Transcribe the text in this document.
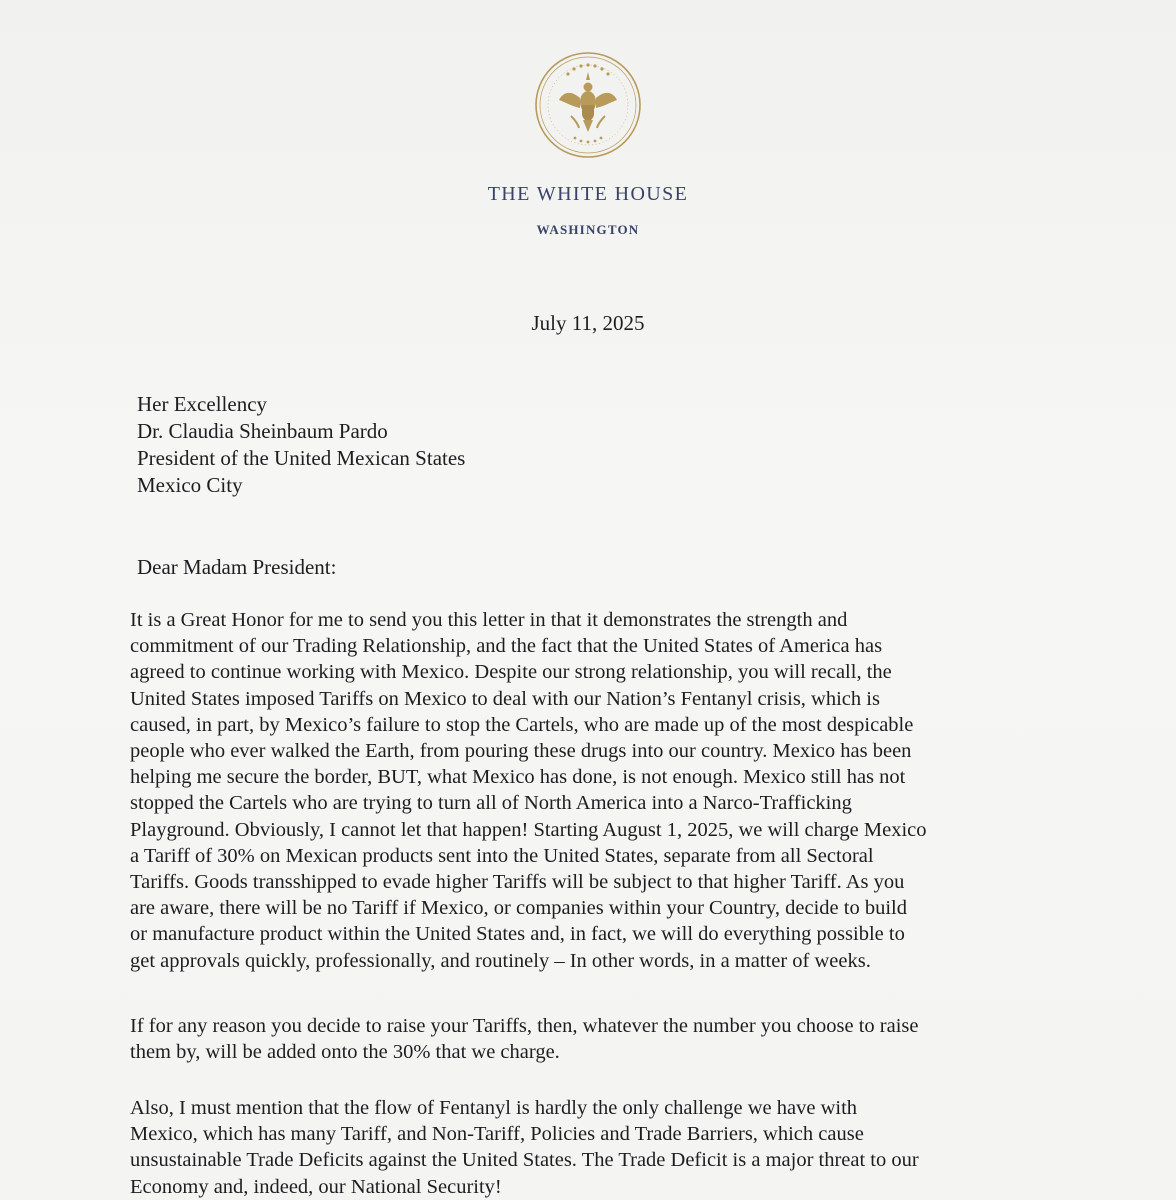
THE WHITE HOUSE
WASHINGTON
July 11, 2025
Her Excellency
Dr. Claudia Sheinbaum Pardo
President of the United Mexican States
Mexico City
Dear Madam President:

It is a Great Honor for me to send you this letter in that it demonstrates the strength and
commitment of our Trading Relationship, and the fact that the United States of America has
agreed to continue working with Mexico. Despite our strong relationship, you will recall, the
United States imposed Tariffs on Mexico to deal with our Nation’s Fentanyl crisis, which is
caused, in part, by Mexico’s failure to stop the Cartels, who are made up of the most despicable
people who ever walked the Earth, from pouring these drugs into our country. Mexico has been
helping me secure the border, BUT, what Mexico has done, is not enough. Mexico still has not
stopped the Cartels who are trying to turn all of North America into a Narco-Trafficking
Playground. Obviously, I cannot let that happen! Starting August 1, 2025, we will charge Mexico
a Tariff of 30% on Mexican products sent into the United States, separate from all Sectoral
Tariffs. Goods transshipped to evade higher Tariffs will be subject to that higher Tariff. As you
are aware, there will be no Tariff if Mexico, or companies within your Country, decide to build
or manufacture product within the United States and, in fact, we will do everything possible to
get approvals quickly, professionally, and routinely – In other words, in a matter of weeks.

If for any reason you decide to raise your Tariffs, then, whatever the number you choose to raise
them by, will be added onto the 30% that we charge.

Also, I must mention that the flow of Fentanyl is hardly the only challenge we have with
Mexico, which has many Tariff, and Non-Tariff, Policies and Trade Barriers, which cause
unsustainable Trade Deficits against the United States. The Trade Deficit is a major threat to our
Economy and, indeed, our National Security!
